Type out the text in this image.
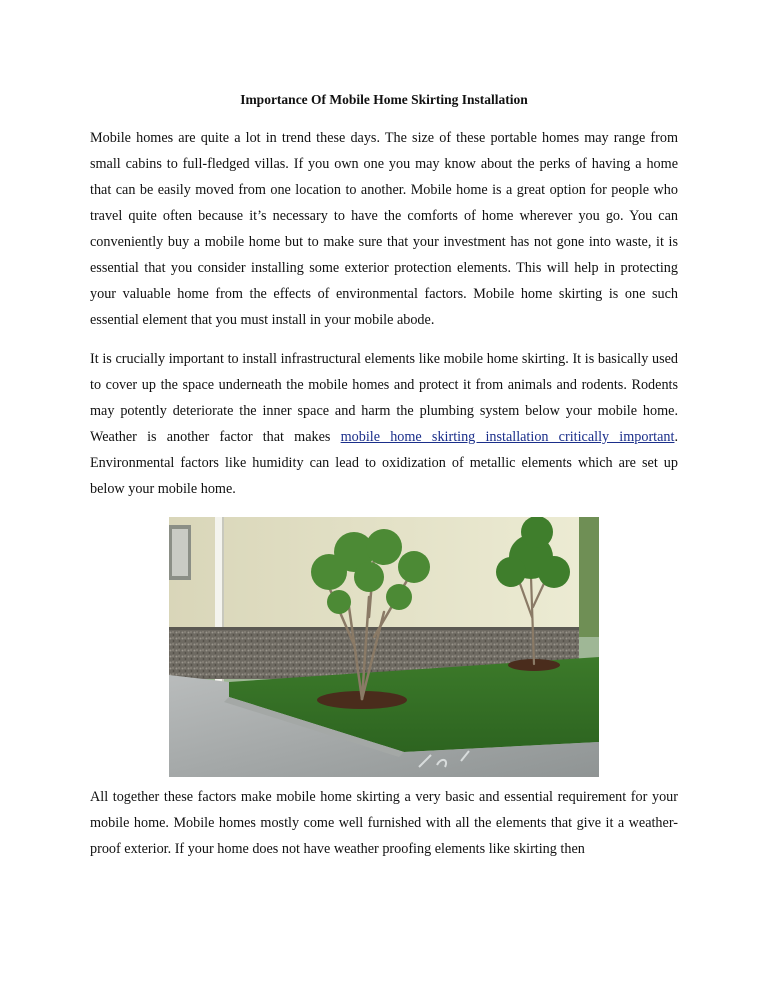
Importance Of Mobile Home Skirting Installation

Mobile homes are quite a lot in trend these days. The size of these portable homes may range from small cabins to full-fledged villas. If you own one you may know about the perks of having a home that can be easily moved from one location to another. Mobile home is a great option for people who travel quite often because it’s necessary to have the comforts of home wherever you go. You can conveniently buy a mobile home but to make sure that your investment has not gone into waste, it is essential that you consider installing some exterior protection elements. This will help in protecting your valuable home from the effects of environmental factors. Mobile home skirting is one such essential element that you must install in your mobile abode.

It is crucially important to install infrastructural elements like mobile home skirting. It is basically used to cover up the space underneath the mobile homes and protect it from animals and rodents. Rodents may potently deteriorate the inner space and harm the plumbing system below your mobile home. Weather is another factor that makes mobile home skirting installation critically important. Environmental factors like humidity can lead to oxidization of metallic elements which are set up below your mobile home.

All together these factors make mobile home skirting a very basic and essential requirement for your mobile home. Mobile homes mostly come well furnished with all the elements that give it a weather-proof exterior. If your home does not have weather proofing elements like skirting then
